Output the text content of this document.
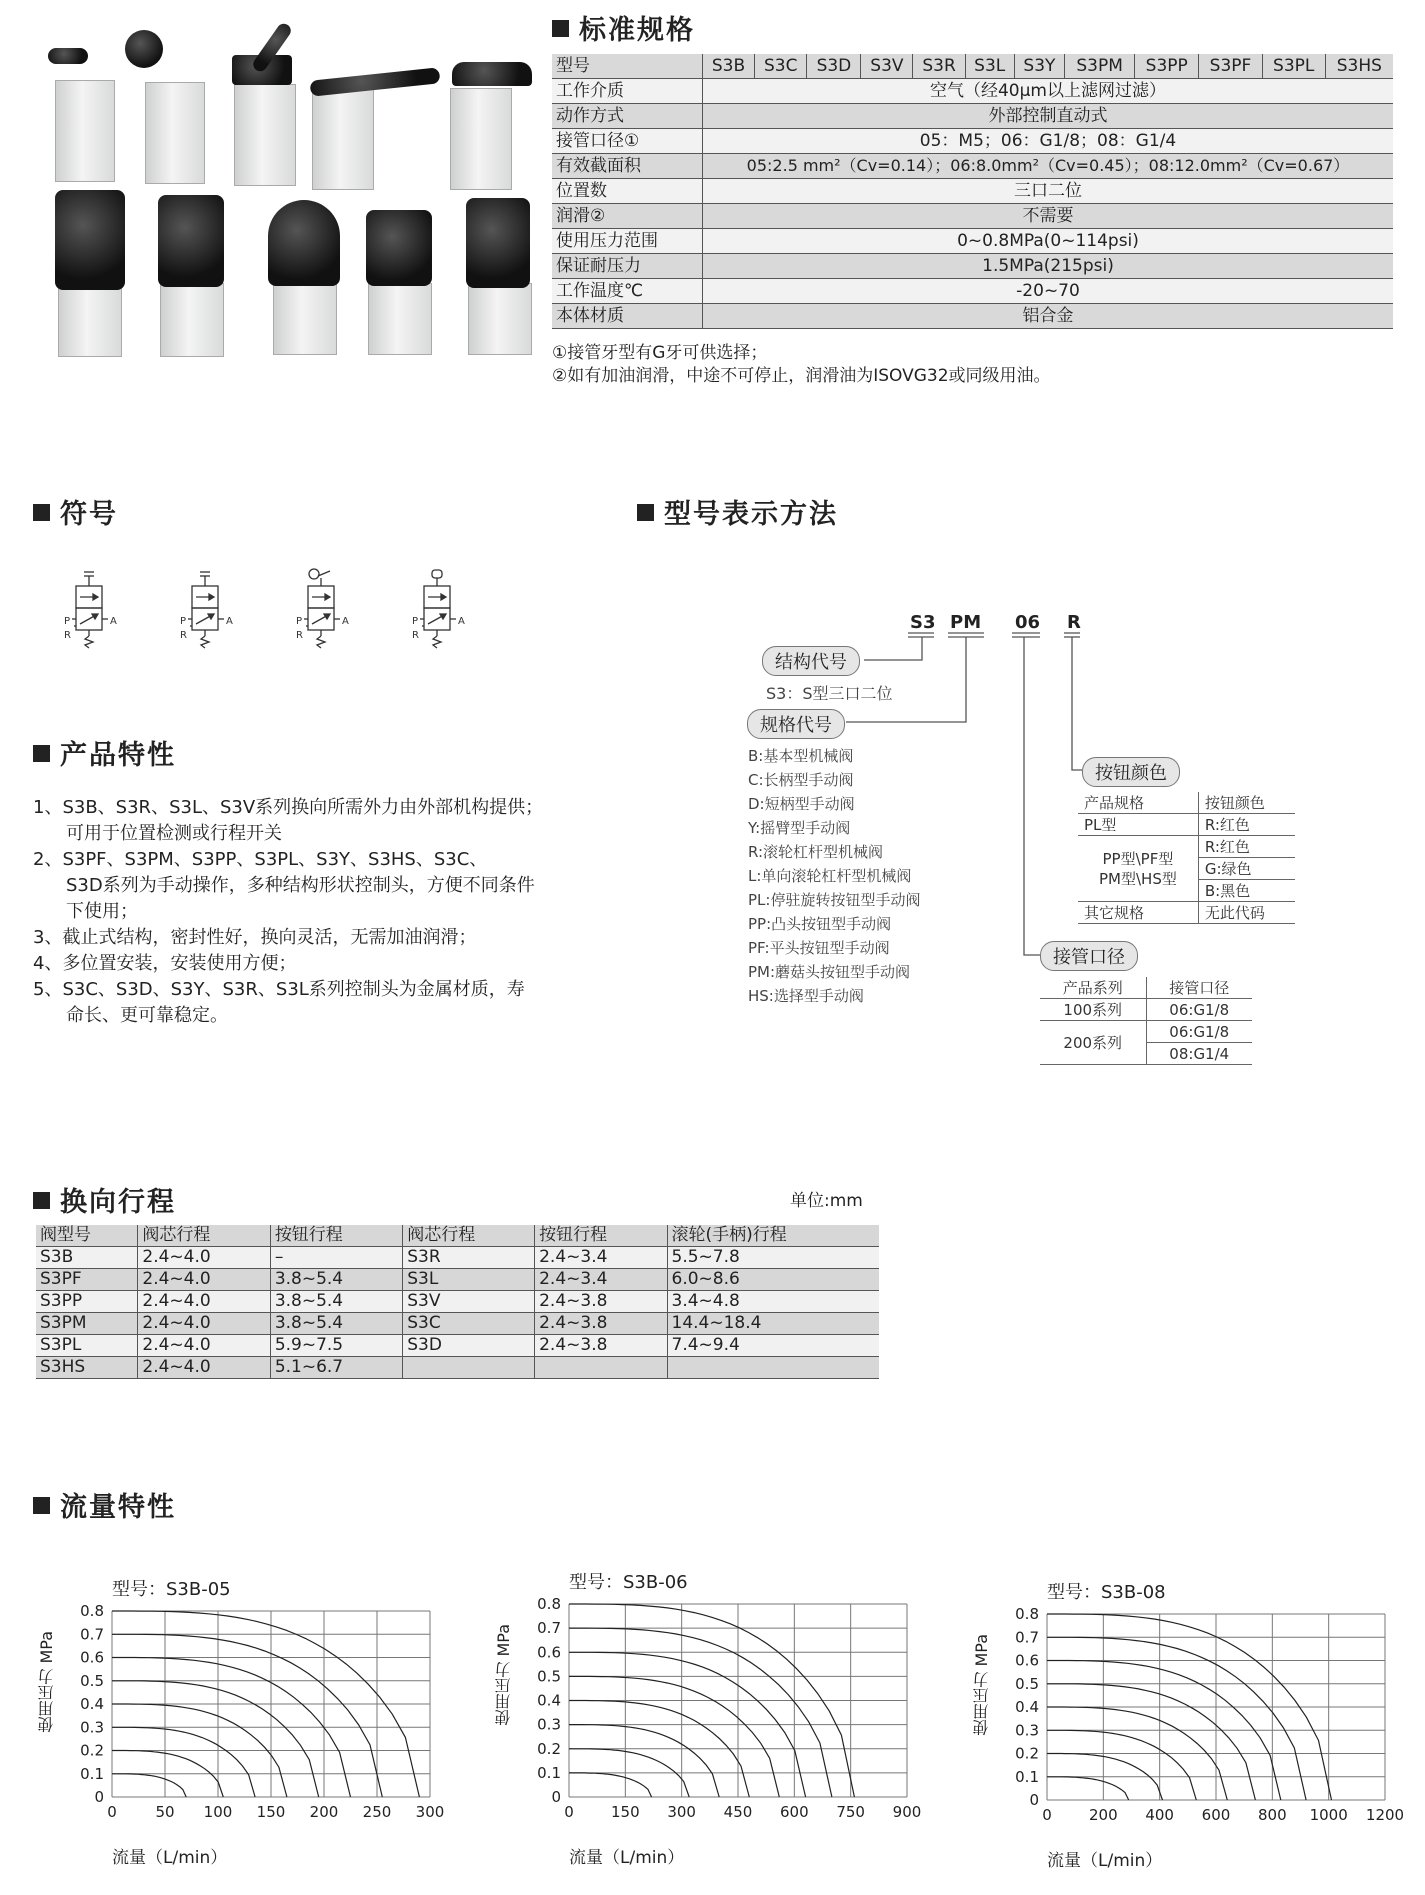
标准规格
型号	S3B	S3C	S3D	S3V	S3R	S3L	S3Y	S3PM	S3PP	S3PF	S3PL	S3HS
工作介质	空气（经40μm以上滤网过滤）											
动作方式	外部控制直动式											
接管口径①	05：M5；06：G1/8；08：G1/4											
有效截面积	05:2.5 mm²（Cv=0.14）；06:8.0mm²（Cv=0.45）；08:12.0mm²（Cv=0.67）											
位置数	三口二位											
润滑②	不需要											
使用压力范围	0~0.8MPa(0~114psi)											
保证耐压力	1.5MPa(215psi)											
工作温度℃	-20~70											
本体材质	铝合金											
①接管牙型有G牙可供选择；
②如有加油润滑，中途不可停止，润滑油为ISOVG32或同级用油。
符号
P	A
R
P	A
R
P	A
R
P	A
R
型号表示方法
S3 PM 06 R
结构代号
S3：S型三口二位
规格代号
B:基本型机械阀
C:长柄型手动阀
D:短柄型手动阀
Y:摇臂型手动阀
R:滚轮杠杆型机械阀
L:单向滚轮杠杆型机械阀
PL:停驻旋转按钮型手动阀
PP:凸头按钮型手动阀
PF:平头按钮型手动阀
PM:蘑菇头按钮型手动阀
HS:选择型手动阀
按钮颜色
产品规格	按钮颜色
PL型	R:红色

PP型\PF型
PM型\HS型	R:红色
	G:绿色
	B:黑色
其它规格	无此代码
接管口径
产品系列	接管口径
100系列	06:G1/8
200系列	06:G1/8
	08:G1/4
产品特性
1、S3B、S3R、S3L、S3V系列换向所需外力由外部机构提供；
可用于位置检测或行程开关
2、S3PF、S3PM、S3PP、S3PL、S3Y、S3HS、S3C、
S3D系列为手动操作，多种结构形状控制头，方便不同条件
下使用；
3、截止式结构，密封性好，换向灵活，无需加油润滑；
4、多位置安装，安装使用方便；
5、S3C、S3D、S3Y、S3R、S3L系列控制头为金属材质，寿
命长、更可靠稳定。
换向行程	单位:mm
阀型号	阀芯行程	按钮行程	阀芯行程	按钮行程	滚轮(手柄)行程
S3B	2.4~4.0	–	S3R	2.4~3.4	5.5~7.8
S3PF	2.4~4.0	3.8~5.4	S3L	2.4~3.4	6.0~8.6
S3PP	2.4~4.0	3.8~5.4	S3V	2.4~3.8	3.4~4.8
S3PM	2.4~4.0	3.8~5.4	S3C	2.4~3.8	14.4~18.4
S3PL	2.4~4.0	5.9~7.5	S3D	2.4~3.8	7.4~9.4
S3HS	2.4~4.0	5.1~6.7			
流量特性
型号：S3B-05
使用压力 MPa
流量（L/min）
0	50 100 150 200 250 300
0
0.1
0.2
0.3
0.4
0.5
0.6
0.7
0.8
型号：S3B-06
使用压力 MPa
流量（L/min）
0 150 300 450 600 750 900
0
0.1
0.2
0.3
0.4
0.5
0.6
0.7
0.8
型号：S3B-08
使用压力 MPa
流量（L/min）
0 200 400 600 800 1000 1200
0
0.1
0.2
0.3
0.4
0.5
0.6
0.7
0.8
